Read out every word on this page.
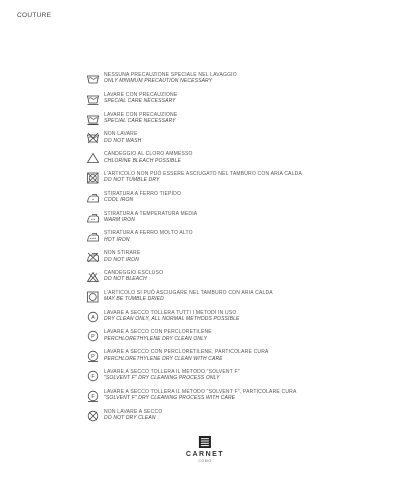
COUTURE
NESSUNA PRECAUZIONE SPECIALE NEL LAVAGGIO
ONLY MINIMUM PRECAUTION NECESSARY
LAVARE CON PRECAUZIONE
SPECIAL CARE NECESSARY
LAVARE CON PRECAUZIONE
SPECIAL CARE NECESSARY
NON LAVARE
DO NOT WASH
CANDEGGIO AL CLORO AMMESSO
CHLORINE BLEACH POSSIBLE
L'ARTICOLO NON PUÒ ESSERE ASCIUGATO NEL TAMBURO CON ARIA CALDA
DO NOT TUMBLE DRY
STIRATURA A FERRO TIEPIDO
COOL IRON
STIRATURA A TEMPERATURA MEDIA
WARM IRON
STIRATURA A FERRO MOLTO ALTO
HOT IRON
NON STIRARE
DO NOT IRON
CANDEGGIO ESCLUSO
DO NOT BLEACH
L'ARTICOLO SI PUÒ ASCIUGARE NEL TAMBURO CON ARIA CALDA
MAY BE TUMBLE DRIED
A
LAVARE A SECCO TOLLERA TUTTI I METODI IN USO
DRY CLEAN ONLY, ALL NORMAL METHODS POSSIBLE
P
LAVARE A SECCO CON PERCLORETILENE
PERCHLORETHYLENE DRY CLEAN ONLY
P
LAVARE A SECCO CON PERCLORETILENE, PARTICOLARE CURA
PERCHLORETHYLENE DRY CLEAN WITH CARE
F
LAVARE A SECCO TOLLERA IL METODO "SOLVENT F"
"SOLVENT F" DRY CLEANING PROCESS ONLY
F
LAVARE A SECCO TOLLERA IL METODO "SOLVENT F", PARTICOLARE CURA
"SOLVENT F" DRY CLEANING PROCESS WITH CARE
NON LAVARE A SECCO
DO NOT DRY CLEAN
CARNET
COMO
